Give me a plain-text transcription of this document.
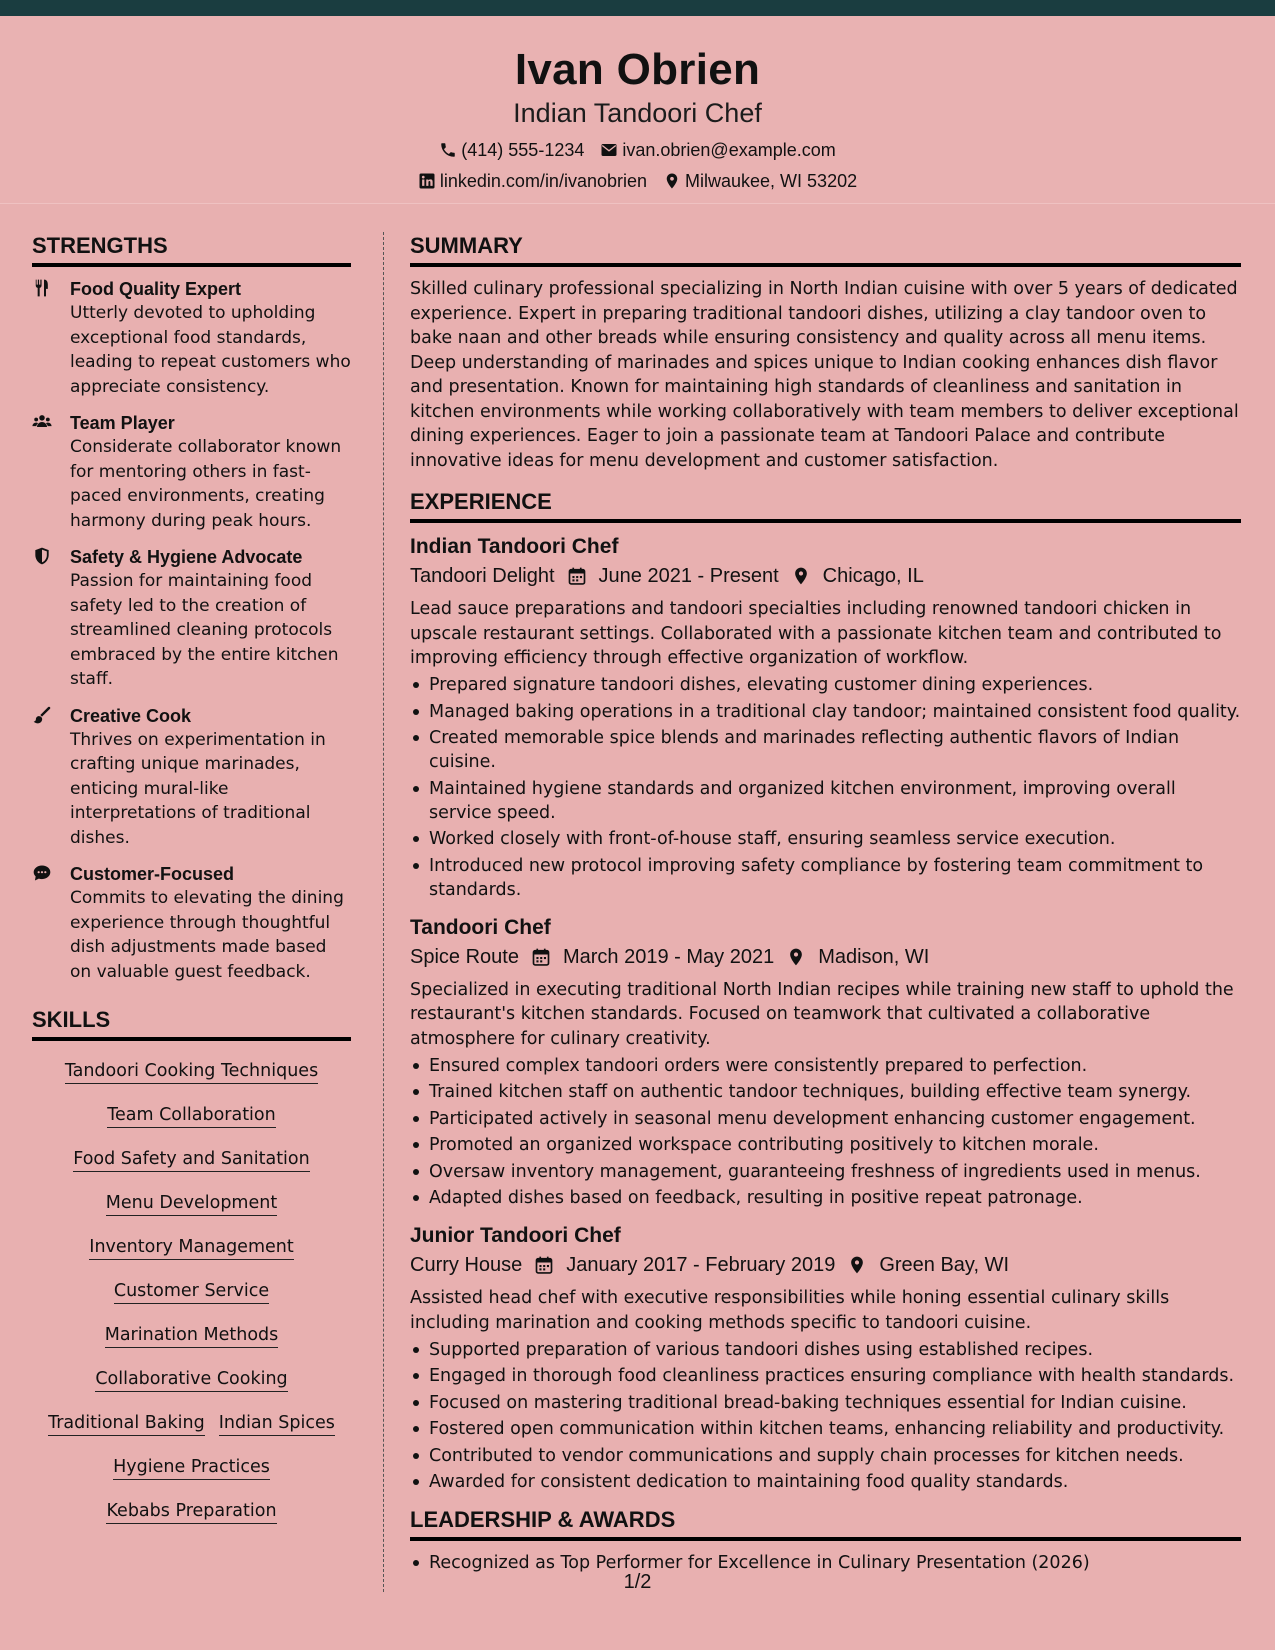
Ivan Obrien
Indian Tandoori Chef
(414) 555-1234 ivan.obrien@example.com
linkedin.com/in/ivanobrien Milwaukee, WI 53202
STRENGTHS
Food Quality Expert
Utterly devoted to upholding exceptional food standards, leading to repeat customers who appreciate consistency.
Team Player
Considerate collaborator known for mentoring others in fast-paced environments, creating harmony during peak hours.
Safety & Hygiene Advocate
Passion for maintaining food safety led to the creation of streamlined cleaning protocols embraced by the entire kitchen staff.
Creative Cook
Thrives on experimentation in crafting unique marinades, enticing mural-like interpretations of traditional dishes.
Customer-Focused
Commits to elevating the dining experience through thoughtful dish adjustments made based on valuable guest feedback.
SKILLS
Tandoori Cooking Techniques
Team Collaboration
Food Safety and Sanitation
Menu Development
Inventory Management
Customer Service
Marination Methods
Collaborative Cooking
Traditional Baking Indian Spices
Hygiene Practices
Kebabs Preparation
SUMMARY
Skilled culinary professional specializing in North Indian cuisine with over 5 years of dedicated experience. Expert in preparing traditional tandoori dishes, utilizing a clay tandoor oven to bake naan and other breads while ensuring consistency and quality across all menu items. Deep understanding of marinades and spices unique to Indian cooking enhances dish flavor and presentation. Known for maintaining high standards of cleanliness and sanitation in kitchen environments while working collaboratively with team members to deliver exceptional dining experiences. Eager to join a passionate team at Tandoori Palace and contribute innovative ideas for menu development and customer satisfaction.
EXPERIENCE
Indian Tandoori Chef
Tandoori Delight June 2021 - Present Chicago, IL
Lead sauce preparations and tandoori specialties including renowned tandoori chicken in upscale restaurant settings. Collaborated with a passionate kitchen team and contributed to improving efficiency through effective organization of workflow.
Prepared signature tandoori dishes, elevating customer dining experiences.
Managed baking operations in a traditional clay tandoor; maintained consistent food quality.
Created memorable spice blends and marinades reflecting authentic flavors of Indian cuisine.
Maintained hygiene standards and organized kitchen environment, improving overall service speed.
Worked closely with front-of-house staff, ensuring seamless service execution.
Introduced new protocol improving safety compliance by fostering team commitment to standards.
Tandoori Chef
Spice Route March 2019 - May 2021 Madison, WI
Specialized in executing traditional North Indian recipes while training new staff to uphold the restaurant's kitchen standards. Focused on teamwork that cultivated a collaborative atmosphere for culinary creativity.
Ensured complex tandoori orders were consistently prepared to perfection.
Trained kitchen staff on authentic tandoor techniques, building effective team synergy.
Participated actively in seasonal menu development enhancing customer engagement.
Promoted an organized workspace contributing positively to kitchen morale.
Oversaw inventory management, guaranteeing freshness of ingredients used in menus.
Adapted dishes based on feedback, resulting in positive repeat patronage.
Junior Tandoori Chef
Curry House January 2017 - February 2019 Green Bay, WI
Assisted head chef with executive responsibilities while honing essential culinary skills including marination and cooking methods specific to tandoori cuisine.
Supported preparation of various tandoori dishes using established recipes.
Engaged in thorough food cleanliness practices ensuring compliance with health standards.
Focused on mastering traditional bread-baking techniques essential for Indian cuisine.
Fostered open communication within kitchen teams, enhancing reliability and productivity.
Contributed to vendor communications and supply chain processes for kitchen needs.
Awarded for consistent dedication to maintaining food quality standards.
LEADERSHIP & AWARDS
Recognized as Top Performer for Excellence in Culinary Presentation (2026)
1/2
